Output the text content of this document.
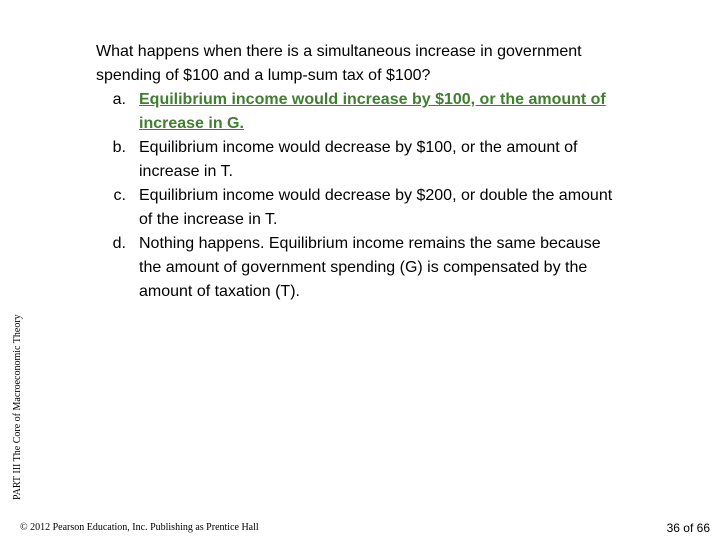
What happens when there is a simultaneous increase in government spending of $100 and a lump-sum tax of $100?
a. Equilibrium income would increase by $100, or the amount of increase in G.
b. Equilibrium income would decrease by $100, or the amount of increase in T.
c. Equilibrium income would decrease by $200, or double the amount of the increase in T.
d. Nothing happens. Equilibrium income remains the same because the amount of government spending (G) is compensated by the amount of taxation (T).
PART III The Core of Macroeconomic Theory
© 2012 Pearson Education, Inc. Publishing as Prentice Hall	36 of 66
